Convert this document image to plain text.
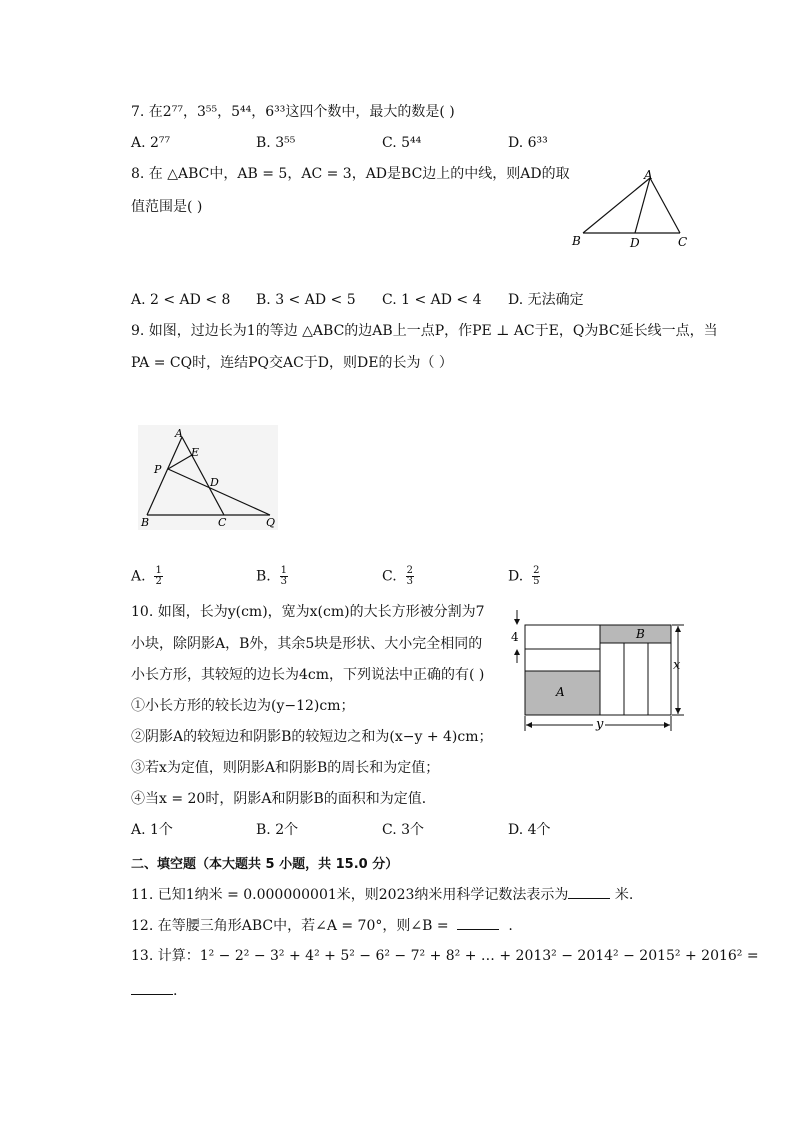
7. 在2⁷⁷，3⁵⁵，5⁴⁴，6³³这四个数中，最大的数是( )
A. 2⁷⁷	B. 3⁵⁵	C. 5⁴⁴	D. 6³³
8. 在 △ABC中，AB = 5，AC = 3，AD是BC边上的中线，则AD的取
值范围是( )
A
B	D	C
A. 2 < AD < 8 B. 3 < AD < 5 C. 1 < AD < 4 D. 无法确定
9. 如图，过边长为1的等边 △ABC的边AB上一点P，作PE ⊥ AC于E，Q为BC延长线一点，当
PA = CQ时，连结PQ交AC于D，则DE的长为（ ）
A
E
P
D
B	C	Q
A. $\frac{1}{2}$	B. $\frac{1}{3}$	C. $\frac{2}{3}$	D. $\frac{2}{5}$
10. 如图，长为y(cm)，宽为x(cm)的大长方形被分割为7
小块，除阴影A，B外，其余5块是形状、大小完全相同的
小长方形，其较短的边长为4cm，下列说法中正确的有( )
①小长方形的较长边为(y−12)cm；
②阴影A的较短边和阴影B的较短边之和为(x−y + 4)cm；
③若x为定值，则阴影A和阴影B的周长和为定值；
④当x = 20时，阴影A和阴影B的面积和为定值．
4	B
A
x
y
A. 1个	B. 2个	C. 3个	D. 4个
二、填空题（本大题共 5 小题，共 15.0 分）
11. 已知1纳米 = 0.000000001米，则2023纳米用科学记数法表示为	米.
12. 在等腰三角形ABC中，若∠A = 70°，则∠B =	.
13. 计算：1² − 2² − 3² + 4² + 5² − 6² − 7² + 8² + … + 2013² − 2014² − 2015² + 2016² =
.
